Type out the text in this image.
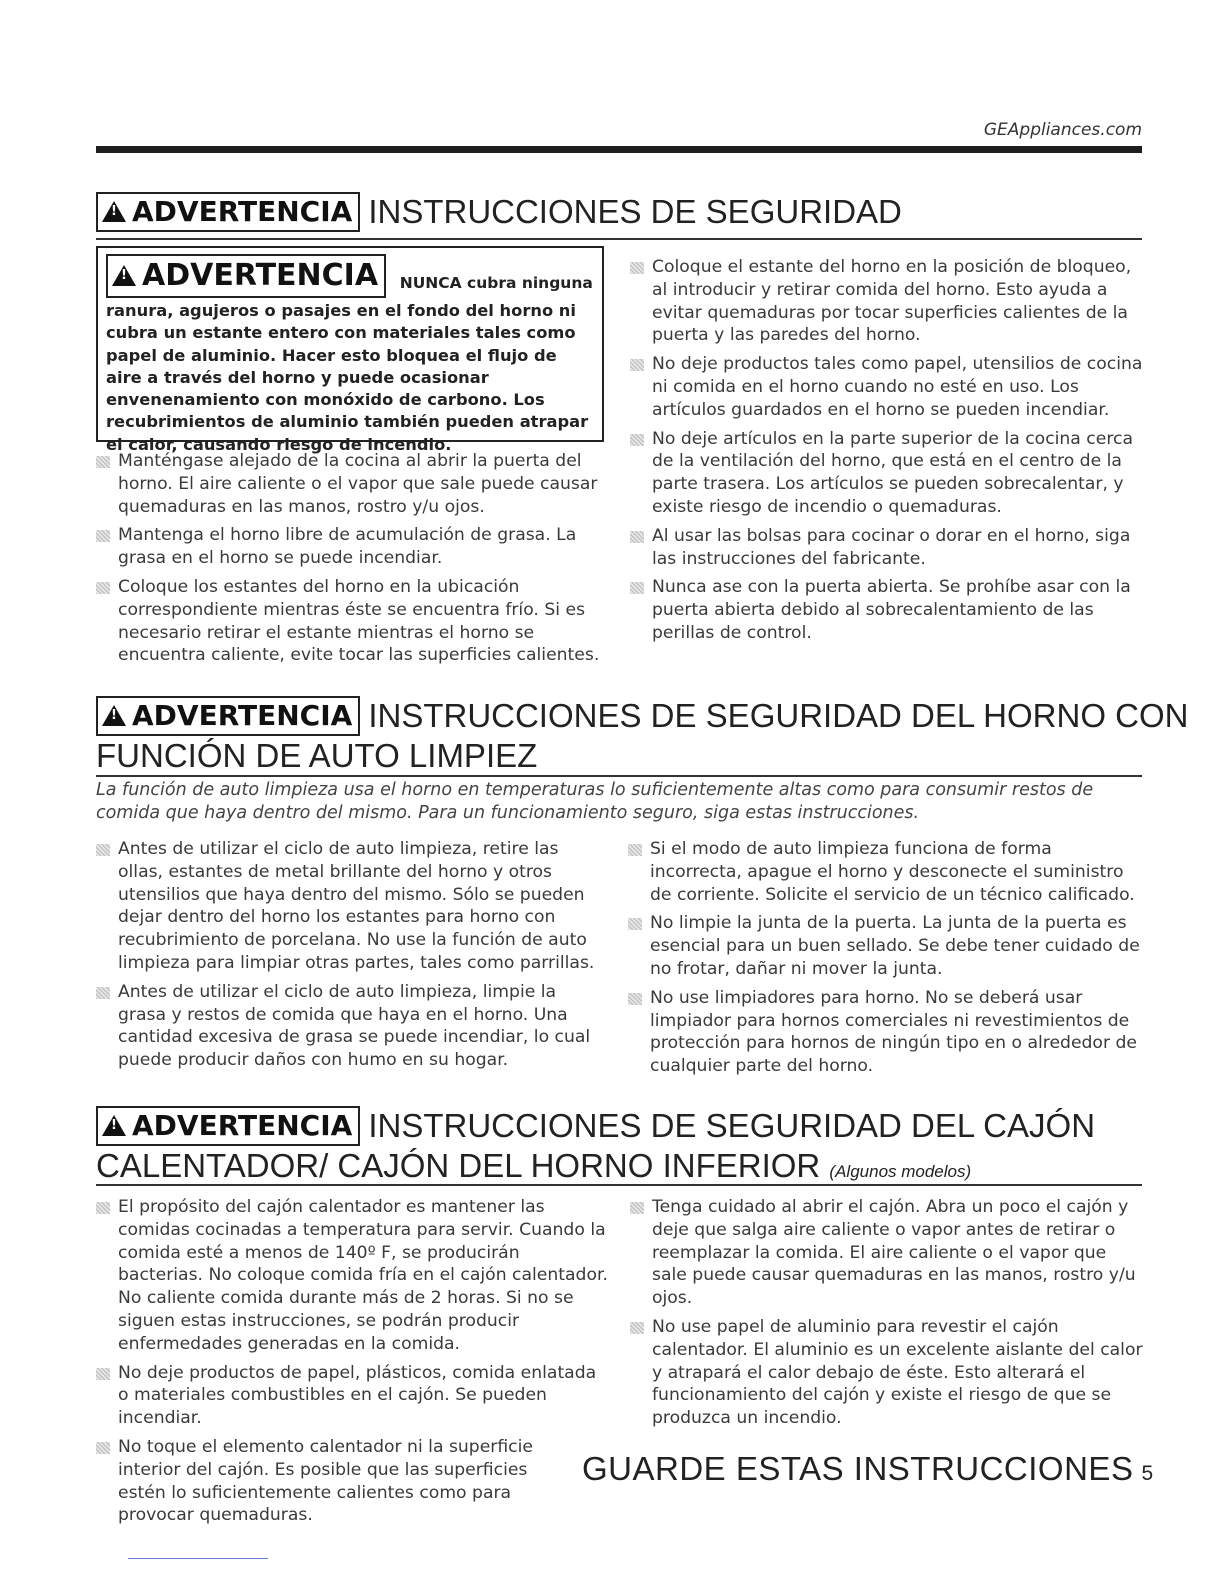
GEAppliances.com
!ADVERTENCIA INSTRUCCIONES DE SEGURIDAD
!ADVERTENCIA NUNCA cubra ninguna
ranura, agujeros o pasajes en el fondo del horno ni cubra un estante entero con materiales tales como papel de aluminio. Hacer esto bloquea el flujo de aire a través del horno y puede ocasionar envenenamiento con monóxido de carbono. Los recubrimientos de aluminio también pueden atrapar el calor, causando riesgo de incendio.

Manténgase alejado de la cocina al abrir la puerta del horno. El aire caliente o el vapor que sale puede causar quemaduras en las manos, rostro y/u ojos.

Mantenga el horno libre de acumulación de grasa. La grasa en el horno se puede incendiar.

Coloque los estantes del horno en la ubicación correspondiente mientras éste se encuentra frío. Si es necesario retirar el estante mientras el horno se encuentra caliente, evite tocar las superficies calientes.

Coloque el estante del horno en la posición de bloqueo, al introducir y retirar comida del horno. Esto ayuda a evitar quemaduras por tocar superficies calientes de la puerta y las paredes del horno.

No deje productos tales como papel, utensilios de cocina ni comida en el horno cuando no esté en uso. Los artículos guardados en el horno se pueden incendiar.

No deje artículos en la parte superior de la cocina cerca de la ventilación del horno, que está en el centro de la parte trasera. Los artículos se pueden sobrecalentar, y existe riesgo de incendio o quemaduras.

Al usar las bolsas para cocinar o dorar en el horno, siga las instrucciones del fabricante.

Nunca ase con la puerta abierta. Se prohíbe asar con la puerta abierta debido al sobrecalentamiento de las perillas de control.

!ADVERTENCIA INSTRUCCIONES DE SEGURIDAD DEL HORNO CON
FUNCIÓN DE AUTO LIMPIEZ
La función de auto limpieza usa el horno en temperaturas lo suficientemente altas como para consumir restos de comida que haya dentro del mismo. Para un funcionamiento seguro, siga estas instrucciones.

Antes de utilizar el ciclo de auto limpieza, retire las ollas, estantes de metal brillante del horno y otros utensilios que haya dentro del mismo. Sólo se pueden dejar dentro del horno los estantes para horno con recubrimiento de porcelana. No use la función de auto limpieza para limpiar otras partes, tales como parrillas.

Antes de utilizar el ciclo de auto limpieza, limpie la grasa y restos de comida que haya en el horno. Una cantidad excesiva de grasa se puede incendiar, lo cual puede producir daños con humo en su hogar.

Si el modo de auto limpieza funciona de forma incorrecta, apague el horno y desconecte el suministro de corriente. Solicite el servicio de un técnico calificado.

No limpie la junta de la puerta. La junta de la puerta es esencial para un buen sellado. Se debe tener cuidado de no frotar, dañar ni mover la junta.

No use limpiadores para horno. No se deberá usar limpiador para hornos comerciales ni revestimientos de protección para hornos de ningún tipo en o alrededor de cualquier parte del horno.

!ADVERTENCIA INSTRUCCIONES DE SEGURIDAD DEL CAJÓN
CALENTADOR/ CAJÓN DEL HORNO INFERIOR (Algunos modelos)

El propósito del cajón calentador es mantener las comidas cocinadas a temperatura para servir. Cuando la comida esté a menos de 140º F, se producirán bacterias. No coloque comida fría en el cajón calentador. No caliente comida durante más de 2 horas. Si no se siguen estas instrucciones, se podrán producir enfermedades generadas en la comida.

No deje productos de papel, plásticos, comida enlatada o materiales combustibles en el cajón. Se pueden incendiar.

No toque el elemento calentador ni la superficie interior del cajón. Es posible que las superficies estén lo suficientemente calientes como para provocar quemaduras.

Tenga cuidado al abrir el cajón. Abra un poco el cajón y deje que salga aire caliente o vapor antes de retirar o reemplazar la comida. El aire caliente o el vapor que sale puede causar quemaduras en las manos, rostro y/u ojos.

No use papel de aluminio para revestir el cajón calentador. El aluminio es un excelente aislante del calor y atrapará el calor debajo de éste. Esto alterará el funcionamiento del cajón y existe el riesgo de que se produzca un incendio.

GUARDE ESTAS INSTRUCCIONES 5
